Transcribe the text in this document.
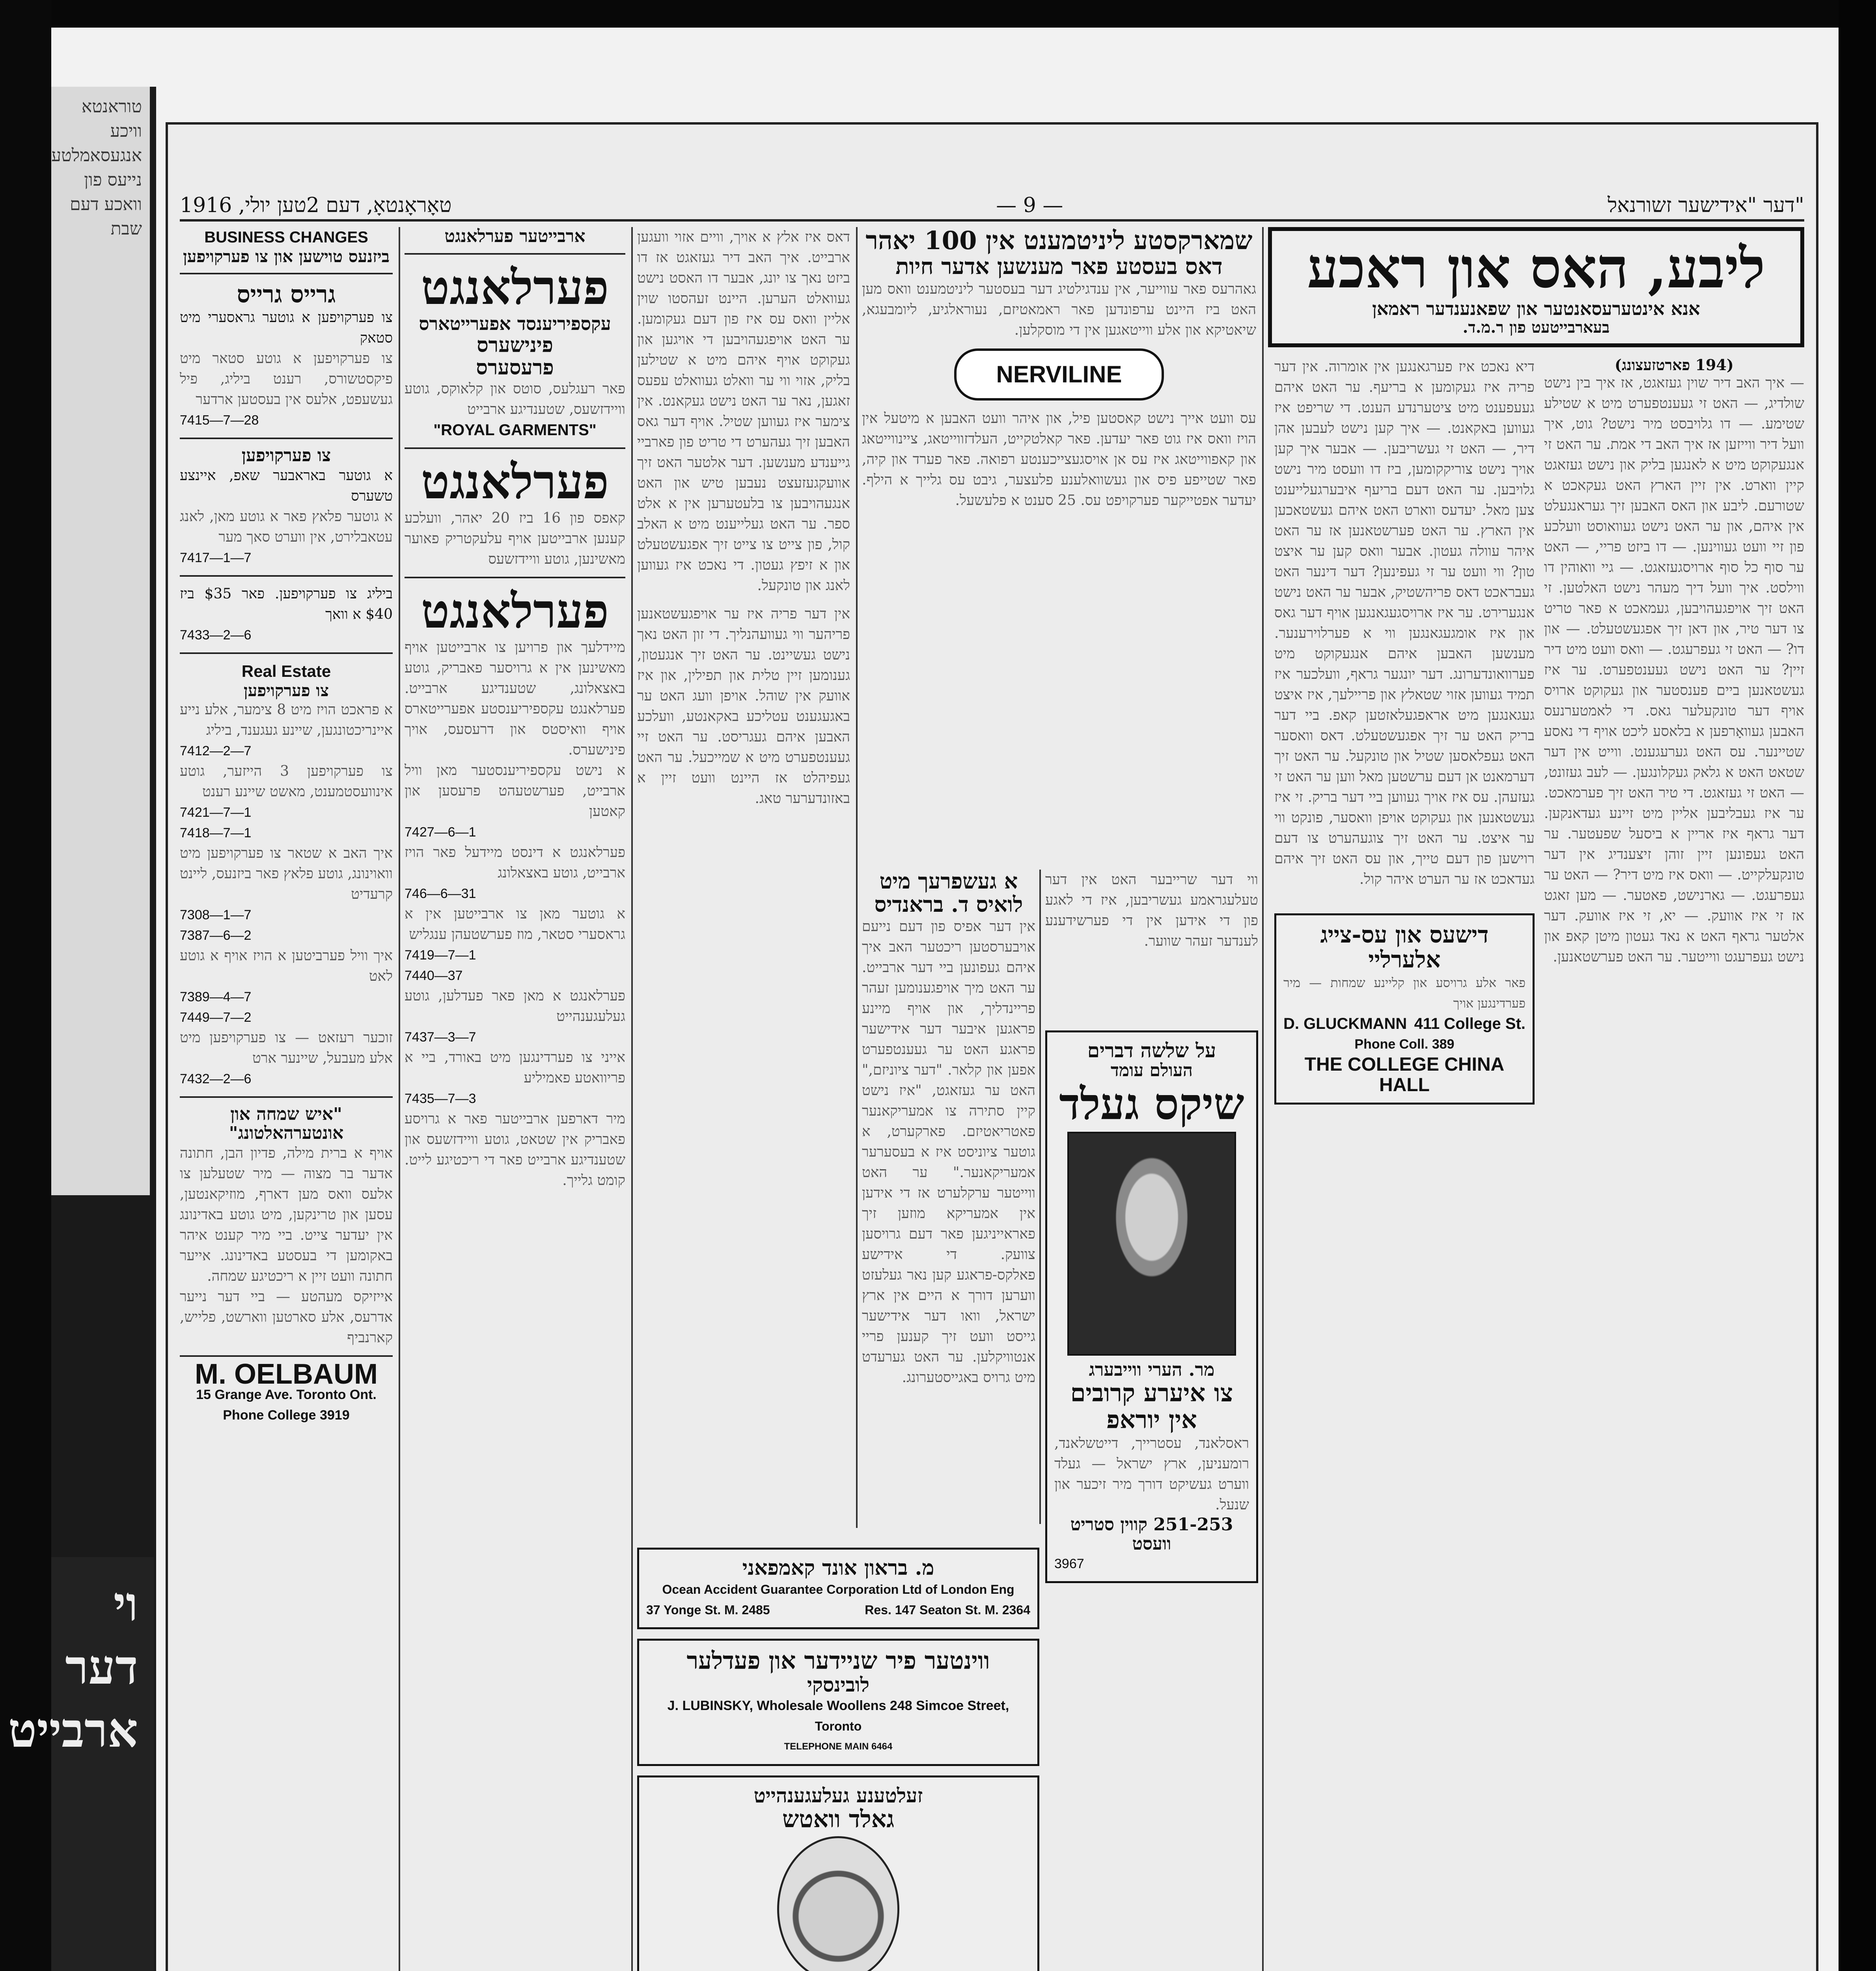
טוראנטא וויכע אנגעסאמלטע נייעס פון וואכע דעם שבת
וי דער ארבייט
טאָראָנטאָ, דעם 2טען יולי, 1916	— 9 —	דער "אידישער זשורנאל"
BUSINESS CHANGES
ביזנעס טוישען און צו פערקויפען
גרייס גרייס
צו פערקויפען א גוטער גראסערי מיט סטאק
צו פערקויפען א גוטע סטאר מיט פיקסטשורס, רענט ביליג, פיל געשעפט, אלעס אין בעסטען ארדער
7415—7—28
צו פערקויפען
א גוטער באראבער שאפ, איינצע טשערס
א גוטער פלאץ פאר א גוטע מאן, לאנג עטאבלירט, אין ווערט סאך מער
7417—1—7
ביליג צו פערקויפען. פאר $35 ביז $40 א וואך
7433—2—6
Real Estate
צו פערקויפען
א פראכט הויז מיט 8 צימער, אלע נייע איינריכטונגען, שיינע געגענד, ביליג
7412—2—7
צו פערקויפען 3 הייזער, גוטע אינוועסטמענט, מאשט שיינע רענט
7421—7—1
7418—7—1
איך האב א שטאר צו פערקויפען מיט וואוינונג, גוטע פלאץ פאר ביזנעס, ליינט קרעדיט
7308—1—7
7387—6—2
איך וויל פערביטען א הויז אויף א גוטע לאט
7389—4—7
7449—7—2
זוכער רעזאט — צו פערקויפען מיט אלע מעבעל, שיינער ארט
7432—2—6
"איש שמחה און אונטערהאלטונג"
אויף א ברית מילה, פדיון הבן, חתונה אדער בר מצוה — מיר שטעלען צו אלעס וואס מען דארף, מוזיקאנטען, עסען און טרינקען, מיט גוטע באדינונג אין יעדער צייט. ביי מיר קענט איהר באקומען די בעסטע באדינונג. אייער חתונה וועט זיין א ריכטיגע שמחה.
אייזיקס מעהטע — ביי דער נייער אדרעס, אלע סארטען ווארשט, פלייש, קארנביף
M. OELBAUM
15 Grange Ave. Toronto Ont.
Phone College 3919
ארבייטער פערלאנגט
פערלאנגט
עקספיריענסד אפערייטארס
פינישערס
פרעסערס
פאר רעגלעס, סוטס און קלאוקס, גוטע וויידזשעס, שטענדיגע ארבייט
"ROYAL GARMENTS"
פערלאנגט
קאפס פון 16 ביז 20 יאהר, וועלכע קענען ארבייטען אויף עלעקטריק פאוער מאשינען, גוטע וויידזשעס
פערלאנגט
מיידלעך און פרויען צו ארבייטען אויף מאשינען אין א גרויסער פאבריק, גוטע באצאלונג, שטענדיגע ארבייט. פערלאנגט עקספיריענסטע אפערייטארס אויף וואיסטס און דרעסעס, אויך פינישערס.
א נישט עקספיריענסטער מאן וויל ארבייט, פערשטעהט פרעסען און קאטען
7427—6—1
פערלאנגט א דינסט מיידעל פאר הויז ארבייט, גוטע באצאלונג
746—6—31
א גוטער מאן צו ארבייטען אין א גראסערי סטאר, מוז פערשטעהן ענגליש
7419—7—1
7440—37
פערלאנגט א מאן פאר פעדלען, גוטע געלעגענהייט
7437—3—7
אייני צו פערדינגען מיט באורד, ביי א פריוואטע פאמיליע
7435—7—3
מיר דארפען ארבייטער פאר א גרויסע פאבריק אין שטאט, גוטע וויידזשעס און שטענדיגע ארבייט פאר די ריכטיגע לייט. קומט גלייך.
דאס איז אלץ א אויך, וויים אזוי וועגען ארבייט. איך האב דיר געזאגט אז דו ביזט נאך צו יונג, אבער דו האסט נישט געוואלט הערען. היינט זעהסטו שוין אליין וואס עס איז פון דעם געקומען. ער האט אויפגעהויבען די אויגען און געקוקט אויף איהם מיט א שטילען בליק, אזוי ווי ער וואלט געוואלט עפעס זאגען, נאר ער האט נישט געקאנט. אין צימער איז געווען שטיל. אויף דער גאס האבען זיך געהערט די טריט פון פארביי גייענדע מענשען. דער אלטער האט זיך אוועקגעזעצט נעבען טיש און האט אנגעהויבען צו בלעטערען אין א אלט ספר. ער האט געלייענט מיט א האלב קול, פון צייט צו צייט זיך אפגעשטעלט און א זיפץ געטון. די נאכט איז געווען לאנג און טונקעל.
אין דער פריה איז ער אויפגעשטאנען פריהער ווי געוועהנליך. די זון האט נאך נישט געשיינט. ער האט זיך אנגעטון, גענומען זיין טלית און תפילין, און איז אוועק אין שוהל. אויפן וועג האט ער באגעגענט עטליכע באקאנטע, וועלכע האבען איהם געגריסט. ער האט זיי געענטפערט מיט א שמייכעל. ער האט געפיהלט אז היינט וועט זיין א באזונדערער טאג.
שמארקסטע ליניטמענט אין 100 יאהר
דאס בעסטע פאר מענשען אדער חיות
גאהרעס פאר עווייער, אין ענדגילטיג דער בעסטער ליניטמענט וואס מען האט ביז היינט ערפונדען פאר ראמאטיזם, נעוראלגיע, ליומבעגא, שיאטיקא און אלע ווייטאגען אין די מוסקלען.
NERVILINE
עס וועט אייך נישט קאסטען פיל, און איהר וועט האבען א מיטעל אין הויז וואס איז גוט פאר יעדען. פאר קאלטקייט, העלדזווייטאג, ציינווייטאג און קאפווייטאג איז עס אן אויסגעצייכענטע רפואה. פאר פערד און קיה, פאר שטייפע פיס און געשוואלענע פלעצער, גיבט עס גלייך א הילף. יעדער אפטייקער פערקויפט עס. 25 סענט א פלעשעל.
א געשפרעך מיט לואיס ד. בראנדיס
אין דער אפיס פון דעם נייעם אויבערסטען ריכטער האב איך איהם געפונען ביי דער ארבייט. ער האט מיך אויפגענומען זעהר פריינדליך, און אויף מיינע פראגען איבער דער אידישער פראגע האט ער געענטפערט אפען און קלאר. "דער ציוניזם," האט ער געזאגט, "איז נישט קיין סתירה צו אמעריקאנער פאטריאטיזם. פארקערט, א גוטער ציוניסט איז א בעסערער אמעריקאנער." ער האט ווייטער ערקלערט אז די אידען אין אמעריקא מוזען זיך פאראייניגען פאר דעם גרויסען צוועק. די אידישע פאלקס-פראגע קען נאר געלעזט ווערען דורך א היים אין ארץ ישראל, וואו דער אידישער גייסט וועט זיך קענען פריי אנטוויקלען. ער האט גערעדט מיט גרויס באגייסטערונג.
ווי דער שרייבער האט אין דער טעלעגראמע געשריבען, איז די לאגע פון די אידען אין די פערשידענע לענדער זעהר שווער.
על שלשה דברים
העולם עומד
שיקס געלד
מר. הערי ווייבערג
צו איערע קרובים
אין יוראפ
ראסלאנד, עסטרייך, דייטשלאנד, רומעניען, ארץ ישראל — געלד ווערט געשיקט דורך מיר זיכער און שנעל.
251-253 קווין סטריט וועסט
3967
מ. בראון אונד קאמפאני
Ocean Accident Guarantee Corporation Ltd of London Eng
37 Yonge St. M. 2485	Res. 147 Seaton St. M. 2364
ווינטער פיר שניידער און פעדלער
לובינסקי
J. LUBINSKY, Wholesale Woollens 248 Simcoe Street,
Toronto
TELEPHONE MAIN 6464
זעלטענע געלעגענהייט
גאלד וואטש
ליבע, האס און ראכע
אנא אינטערעסאנטער און שפאנענדער ראמאן
בעארבייטעט פון ר.מ.ד.
(194 פארטזעצונג)
— איך האב דיר שוין געזאגט, אז איך בין נישט שולדיג, — האט זי געענטפערט מיט א שטילע שטימע. — דו גלויבסט מיר נישט? גוט, איך וועל דיר ווייזען אז איך האב די אמת. ער האט זי אנגעקוקט מיט א לאנגען בליק און נישט געזאגט קיין ווארט. אין זיין הארץ האט געקאכט א שטורעם. ליבע און האס האבען זיך געראנגעלט אין איהם, און ער האט נישט געוואוסט וועלכע פון זיי וועט געווינען. — דו ביזט פריי, — האט ער סוף כל סוף ארויסגעזאגט. — גיי וואוהין דו ווילסט. איך וועל דיך מעהר נישט האלטען. זי האט זיך אויפגעהויבען, געמאכט א פאר טריט צו דער טיר, און דאן זיך אפגעשטעלט. — און דו? — האט זי געפרעגט. — וואס וועט מיט דיר זיין? ער האט נישט געענטפערט. ער איז געשטאנען ביים פענסטער און געקוקט ארויס אויף דער טונקעלער גאס. די לאמטערנעס האבען געוואָרפען א בלאסע ליכט אויף די נאסע שטיינער. עס האט גערעגענט. ווייט אין דער שטאט האט א גלאק געקלונגען. — לעב געזונט, — האט זי געזאגט. די טיר האט זיך פערמאכט. ער איז געבליבען אליין מיט זיינע געדאנקען. דער גראף איז אריין א ביסעל שפעטער. ער האט געפונען זיין זוהן זיצענדיג אין דער טונקעלקייט. — וואס איז מיט דיר? — האט ער געפרעגט. — גארנישט, פאטער. — מען זאגט אז זי איז אוועק. — יא, זי איז אוועק. דער אלטער גראף האט א נאד געטון מיטן קאפ און נישט געפרעגט ווייטער. ער האט פערשטאנען.
דיא נאכט איז פערגאנגען אין אומרוה. אין דער פריה איז געקומען א בריעף. ער האט איהם געעפענט מיט ציטערנדע הענט. די שריפט איז געווען באקאנט. — איך קען נישט לעבען אהן דיר, — האט זי געשריבען. — אבער איך קען אויך נישט צוריקקומען, ביז דו וועסט מיר נישט גלויבען. ער האט דעם בריעף איבערגעלייענט צען מאל. יעדעס ווארט האט איהם געשטאכען אין הארץ. ער האט פערשטאנען אז ער האט איהר עוולה געטון. אבער וואס קען ער איצט טון? ווי וועט ער זי געפינען? דער דינער האט געבראכט דאס פריהשטיק, אבער ער האט נישט אנגערירט. ער איז ארויסגעגאנגען אויף דער גאס און איז אומגעגאנגען ווי א פערלוירענער. מענשען האבען איהם אנגעקוקט מיט פערוואונדערונג. דער יונגער גראף, וועלכער איז תמיד געווען אזוי שטאלץ און פריילעך, איז איצט געגאנגען מיט אראפגעלאזטען קאפ. ביי דער בריק האט ער זיך אפגעשטעלט. דאס וואסער האט געפלאסען שטיל און טונקעל. ער האט זיך דערמאנט אן דעם ערשטען מאל ווען ער האט זי געזעהן. עס איז אויך געווען ביי דער בריק. זי איז געשטאנען און געקוקט אויפן וואסער, פונקט ווי ער איצט. ער האט זיך צוגעהערט צו דעם רוישען פון דעם טייך, און עס האט זיך איהם געדאכט אז ער הערט איהר קול.
דישעס און עס-צייג אלערליי
פאר אלע גרויסע און קליינע שמחות — מיר פערדינגען אויך
D. GLUCKMANN 411 College St.
Phone Coll. 389
THE COLLEGE CHINA HALL
